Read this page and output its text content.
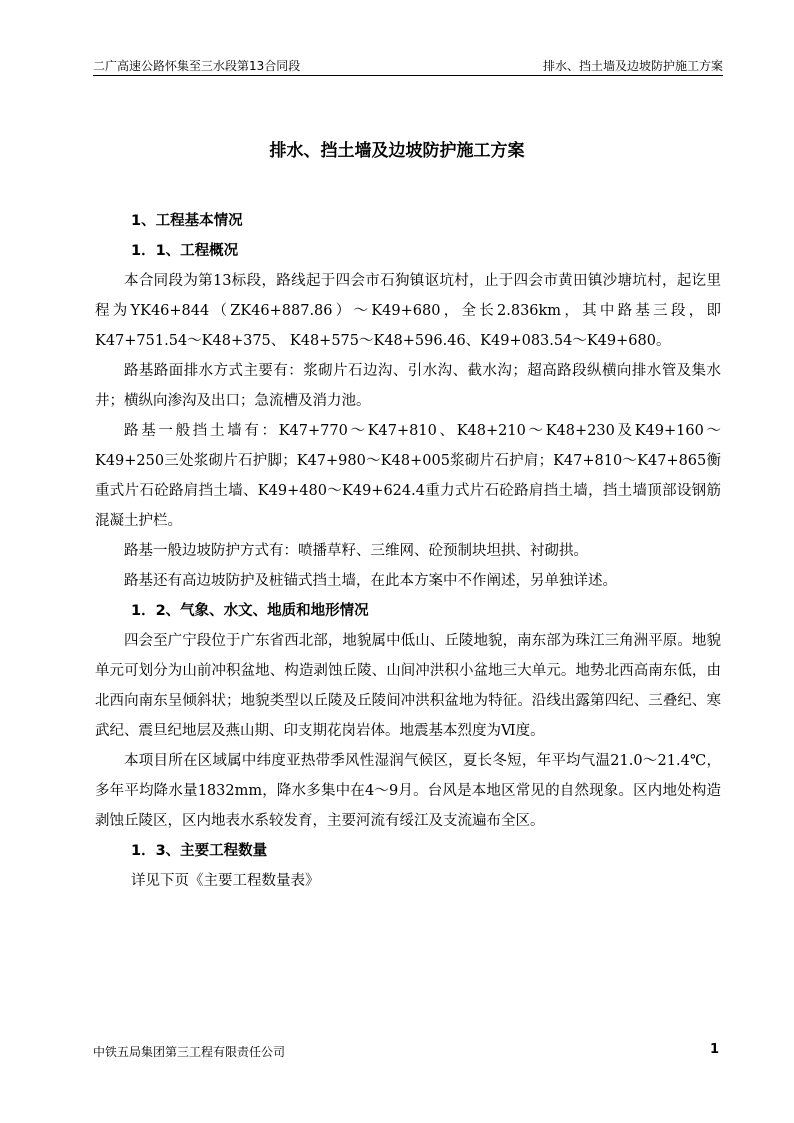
二广高速公路怀集至三水段第13合同段	排水、挡土墙及边坡防护施工方案
排水、挡土墙及边坡防护施工方案

1、工程基本情况

1．1、工程概况

本合同段为第13标段，路线起于四会市石狗镇讴坑村，止于四会市黄田镇沙塘坑村，起讫里程为YK46+844（ZK46+887.86）～K49+680，全长2.836km，其中路基三段，即K47+751.54～K48+375、 K48+575～K48+596.46、K49+083.54～K49+680。

路基路面排水方式主要有：浆砌片石边沟、引水沟、截水沟；超高路段纵横向排水管及集水井；横纵向渗沟及出口；急流槽及消力池。

路基一般挡土墙有：K47+770～K47+810、K48+210～K48+230及K49+160～K49+250三处浆砌片石护脚；K47+980～K48+005浆砌片石护肩；K47+810～K47+865衡重式片石砼路肩挡土墙、K49+480～K49+624.4重力式片石砼路肩挡土墙，挡土墙顶部设钢筋混凝土护栏。

路基一般边坡防护方式有：喷播草籽、三维网、砼预制块坦拱、衬砌拱。

路基还有高边坡防护及桩锚式挡土墙，在此本方案中不作阐述，另单独详述。

1．2、气象、水文、地质和地形情况

四会至广宁段位于广东省西北部，地貌属中低山、丘陵地貌，南东部为珠江三角洲平原。地貌单元可划分为山前冲积盆地、构造剥蚀丘陵、山间冲洪积小盆地三大单元。地势北西高南东低，由北西向南东呈倾斜状；地貌类型以丘陵及丘陵间冲洪积盆地为特征。沿线出露第四纪、三叠纪、寒武纪、震旦纪地层及燕山期、印支期花岗岩体。地震基本烈度为Ⅵ度。

本项目所在区域属中纬度亚热带季风性湿润气候区，夏长冬短，年平均气温21.0～21.4℃，多年平均降水量1832mm，降水多集中在4～9月。台风是本地区常见的自然现象。区内地处构造剥蚀丘陵区，区内地表水系较发育，主要河流有绥江及支流遍布全区。

1．3、主要工程数量

详见下页《主要工程数量表》

中铁五局集团第三工程有限责任公司	1
